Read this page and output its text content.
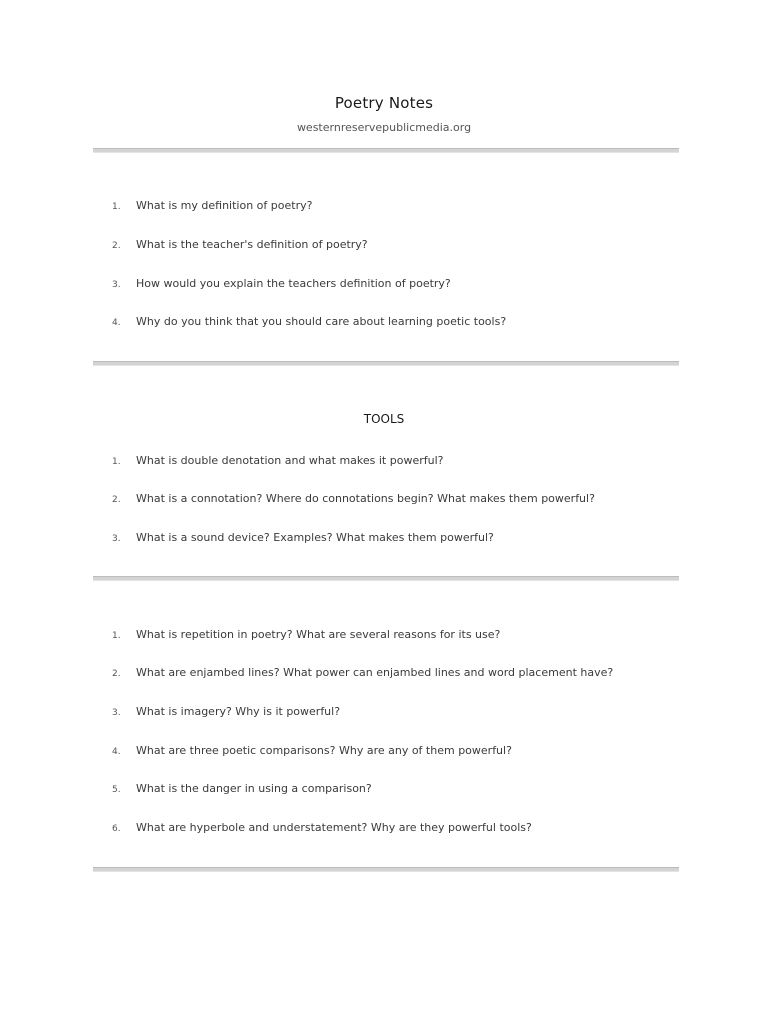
Poetry Notes
westernreservepublicmedia.org
1. What is my definition of poetry?
2. What is the teacher's definition of poetry?
3. How would you explain the teachers definition of poetry?
4. Why do you think that you should care about learning poetic tools?
TOOLS
1. What is double denotation and what makes it powerful?
2. What is a connotation? Where do connotations begin? What makes them powerful?
3. What is a sound device? Examples? What makes them powerful?
1. What is repetition in poetry? What are several reasons for its use?
2. What are enjambed lines? What power can enjambed lines and word placement have?
3. What is imagery? Why is it powerful?
4. What are three poetic comparisons? Why are any of them powerful?
5. What is the danger in using a comparison?
6. What are hyperbole and understatement? Why are they powerful tools?
